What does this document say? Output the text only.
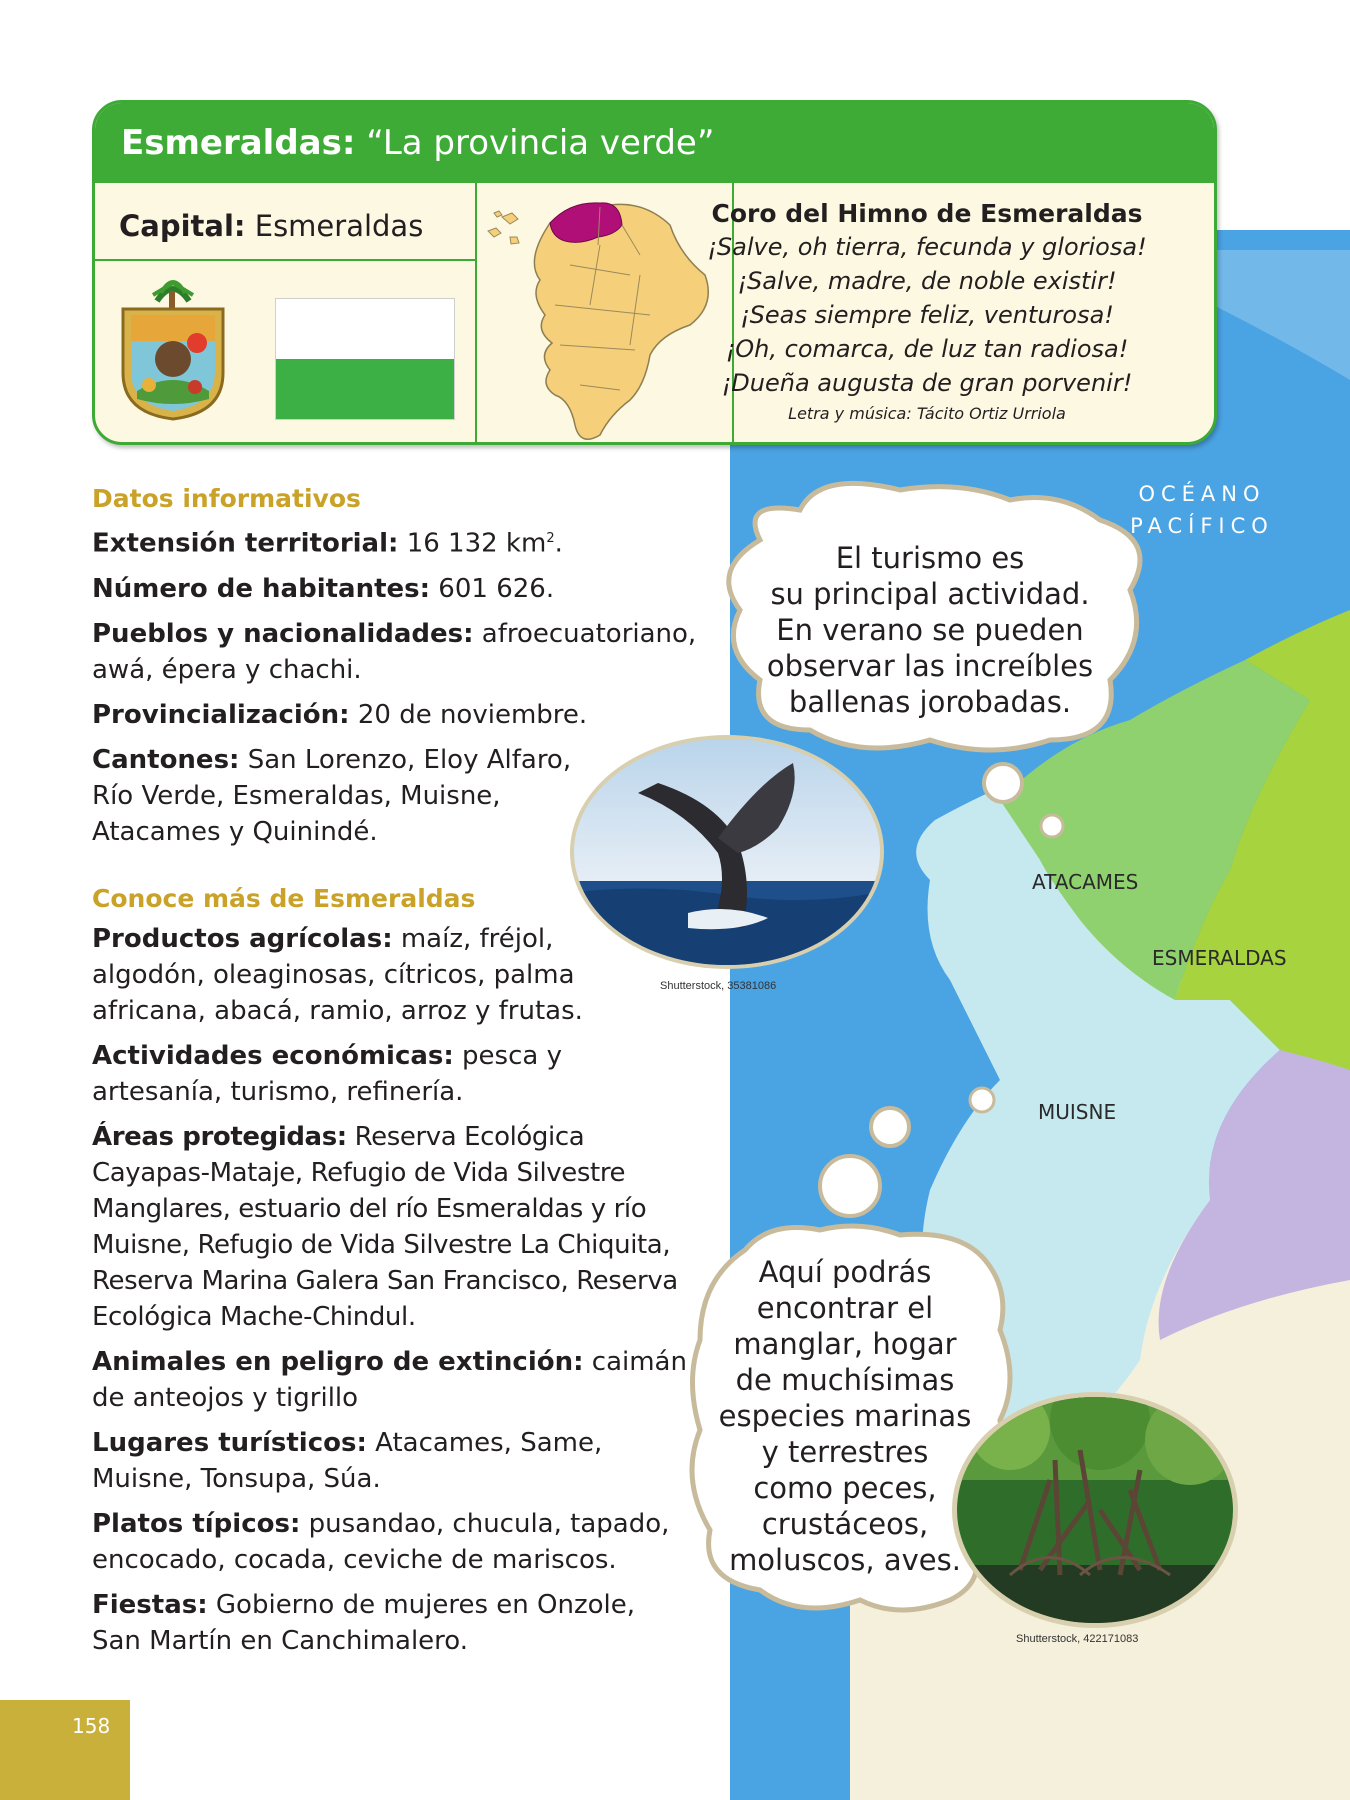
Esmeraldas: “La provincia verde”
Capital: Esmeraldas	Coro del Himno de Esmeraldas
¡Salve, oh tierra, fecunda y gloriosa!
¡Salve, madre, de noble existir!
¡Seas siempre feliz, venturosa!
¡Oh, comarca, de luz tan radiosa!
¡Dueña augusta de gran porvenir!
Letra y música: Tácito Ortiz Urriola
Datos informativos
Extensión territorial: 16 132 $km^2$.
Número de habitantes: 601 626.
Pueblos y nacionalidades: afroecuatoriano, awá, épera y chachi.
Provincialización: 20 de noviembre.
Cantones: San Lorenzo, Eloy Alfaro, Río Verde, Esmeraldas, Muisne, Atacames y Quinindé.
Conoce más de Esmeraldas
Productos agrícolas: maíz, fréjol, algodón, oleaginosas, cítricos, palma africana, abacá, ramio, arroz y frutas.
Actividades económicas: pesca y artesanía, turismo, refinería.
Áreas protegidas: Reserva Ecológica Cayapas-Mataje, Refugio de Vida Silvestre Manglares, estuario del río Esmeraldas y río Muisne, Refugio de Vida Silvestre La Chiquita, Reserva Marina Galera San Francisco, Reserva Ecológica Mache-Chindul.
Animales en peligro de extinción: caimán de anteojos y tigrillo
Lugares turísticos: Atacames, Same, Muisne, Tonsupa, Súa.
Platos típicos: pusandao, chucula, tapado, encocado, cocada, ceviche de mariscos.
Fiestas: Gobierno de mujeres en Onzole, San Martín en Canchimalero.
El turismo es
su principal actividad.
En verano se pueden
observar las increíbles
ballenas jorobadas.
Shutterstock, 35381086
OCÉANO
PACÍFICO
ATACAMES
ESMERALDAS
MUISNE
Aquí podrás
encontrar el
manglar, hogar
de muchísimas
especies marinas
y terrestres
como peces,
crustáceos,
moluscos, aves.
Shutterstock, 422171083
158
